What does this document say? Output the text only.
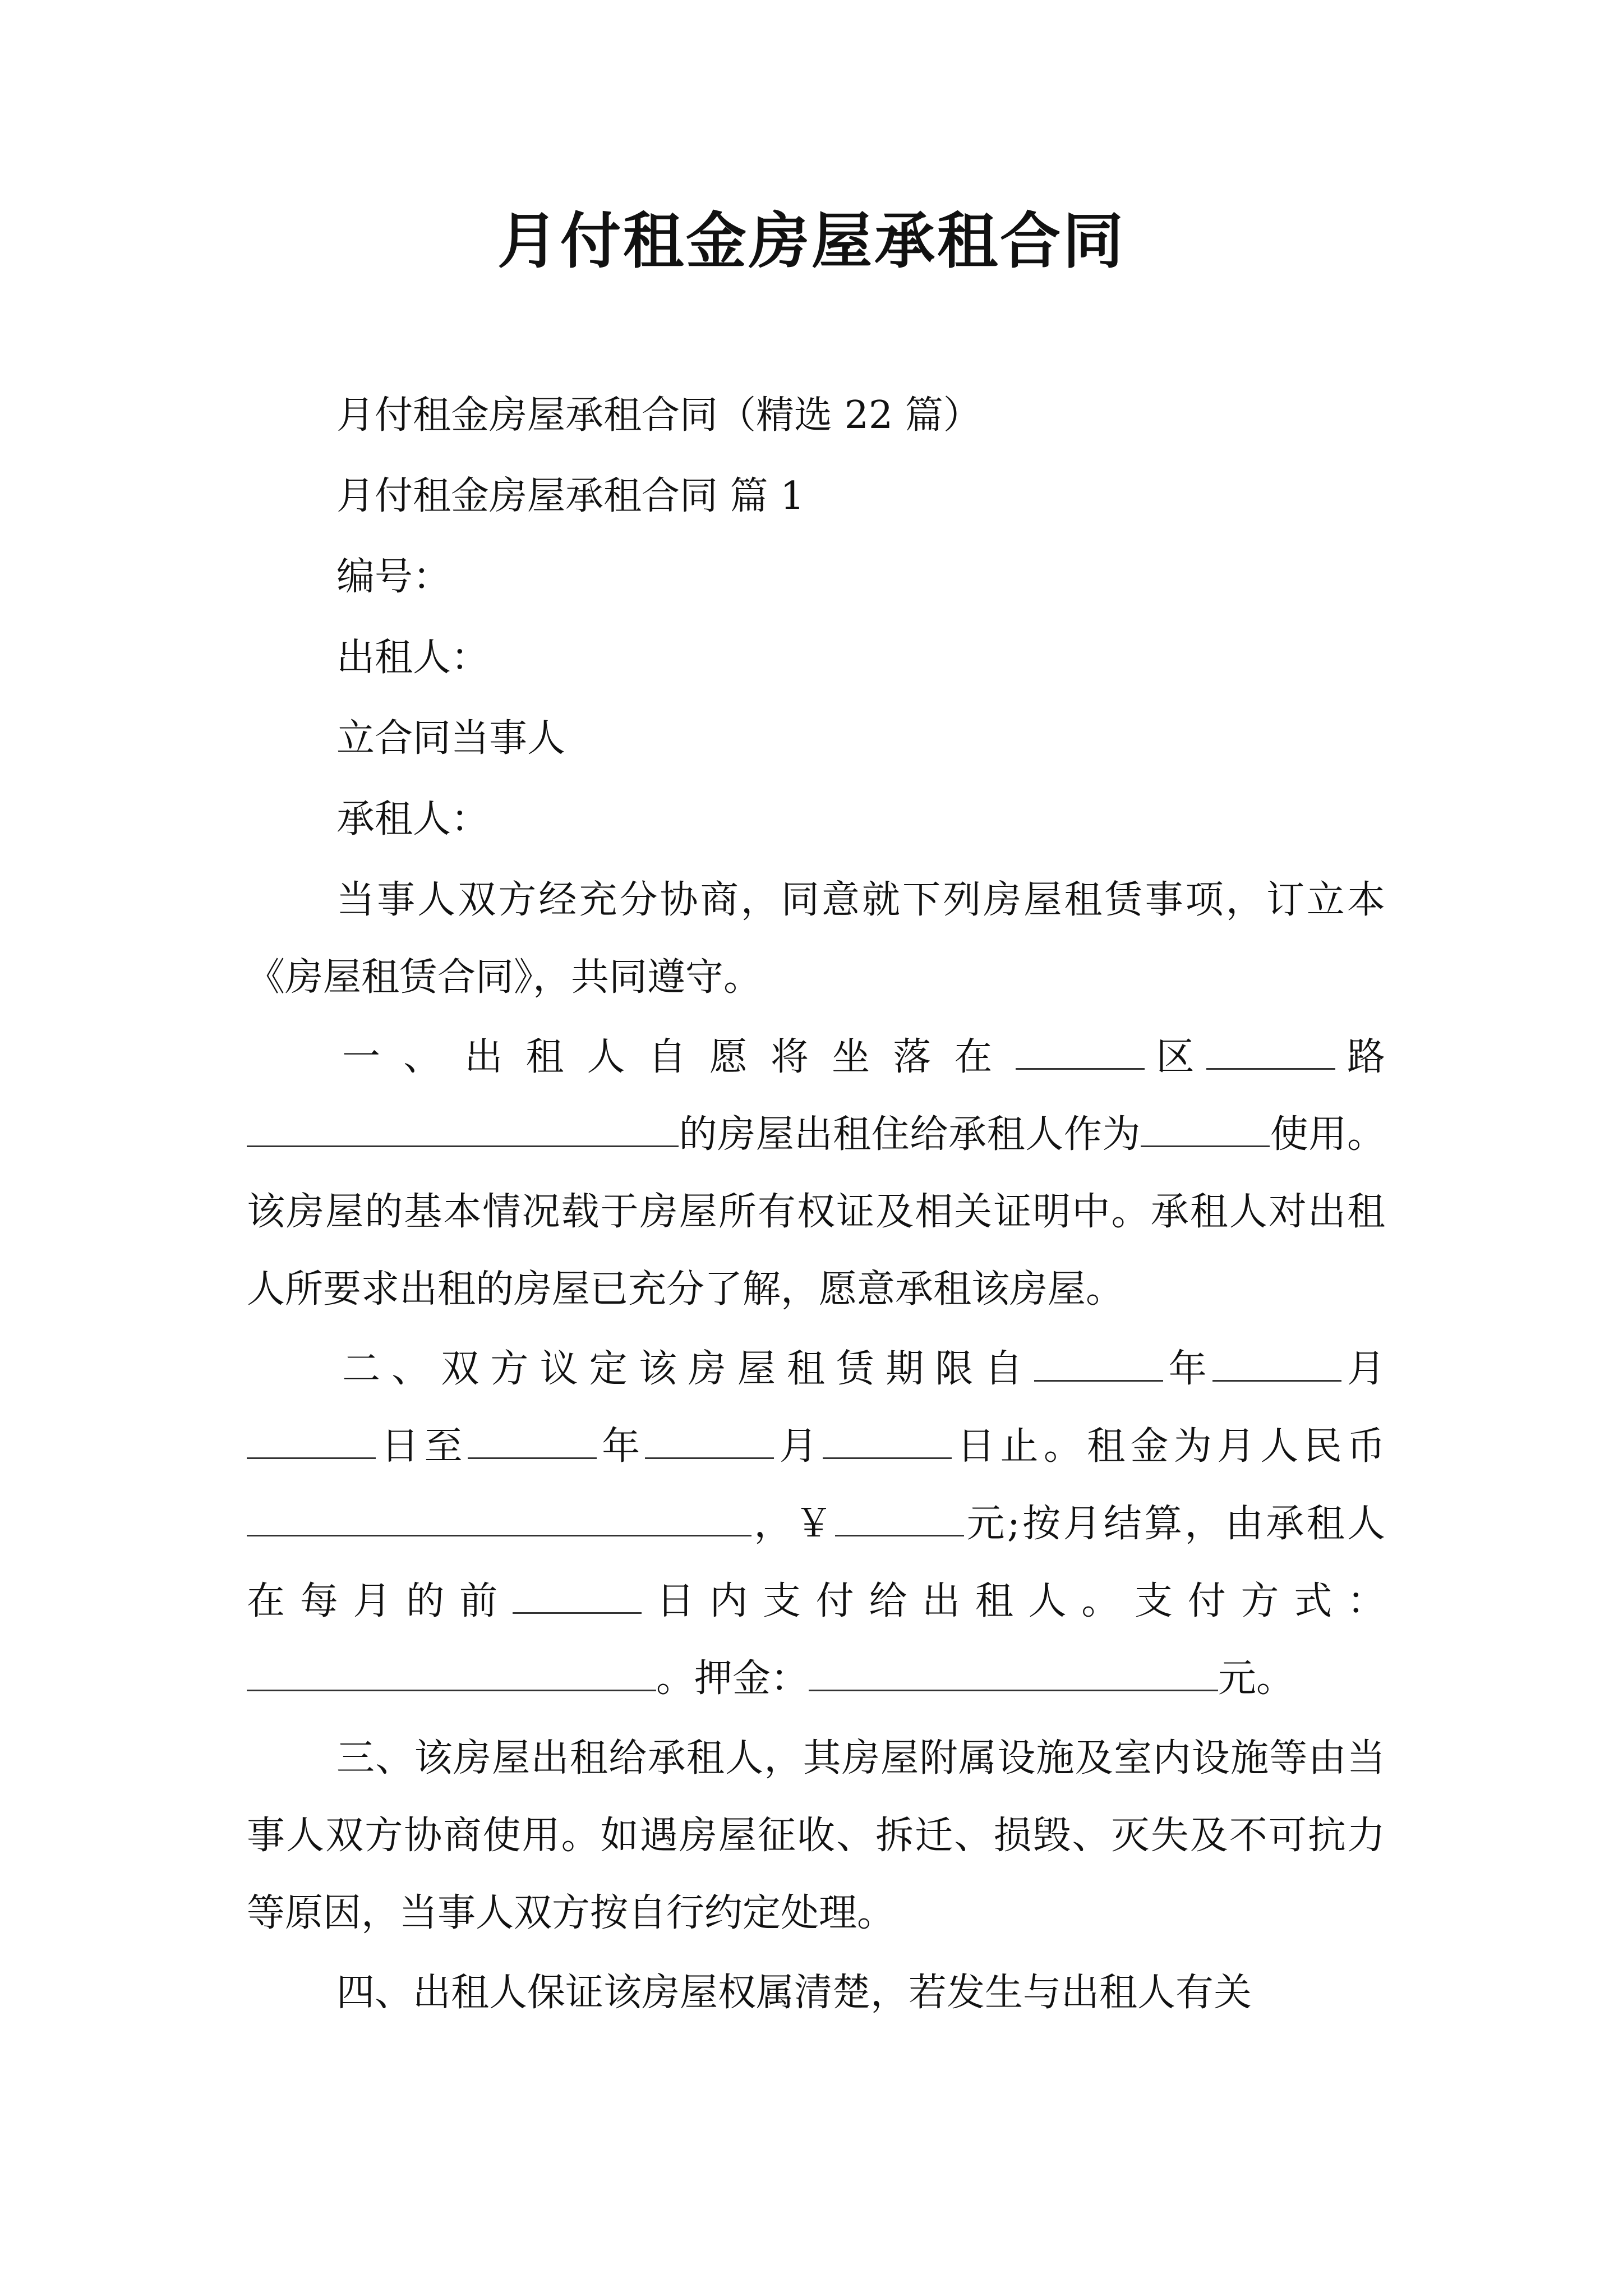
月付租金房屋承租合同
月付租金房屋承租合同（精选 22 篇）
月付租金房屋承租合同 篇 1
编号：
出租人：
立合同当事人
承租人：
当事人双方经充分协商，同意就下列房屋租赁事项，订立本《房屋租赁合同》，共同遵守。
一、出租人自愿将坐落在	区	路 的房屋出租住给承租人作为	使用。该房屋的基本情况载于房屋所有权证及相关证明中。承租人对出租人所要求出租的房屋已充分了解，愿意承租该房屋。
二、双方议定该房屋租赁期限自	年	月 日至	年	月	日止。租金为月人民币 ，￥	元;按月结算，由承租人在每月的前	日内支付给出租人。支付方式： 。押金：	元。
三、该房屋出租给承租人，其房屋附属设施及室内设施等由当事人双方协商使用。如遇房屋征收、拆迁、损毁、灭失及不可抗力等原因，当事人双方按自行约定处理。
四、出租人保证该房屋权属清楚，若发生与出租人有关
